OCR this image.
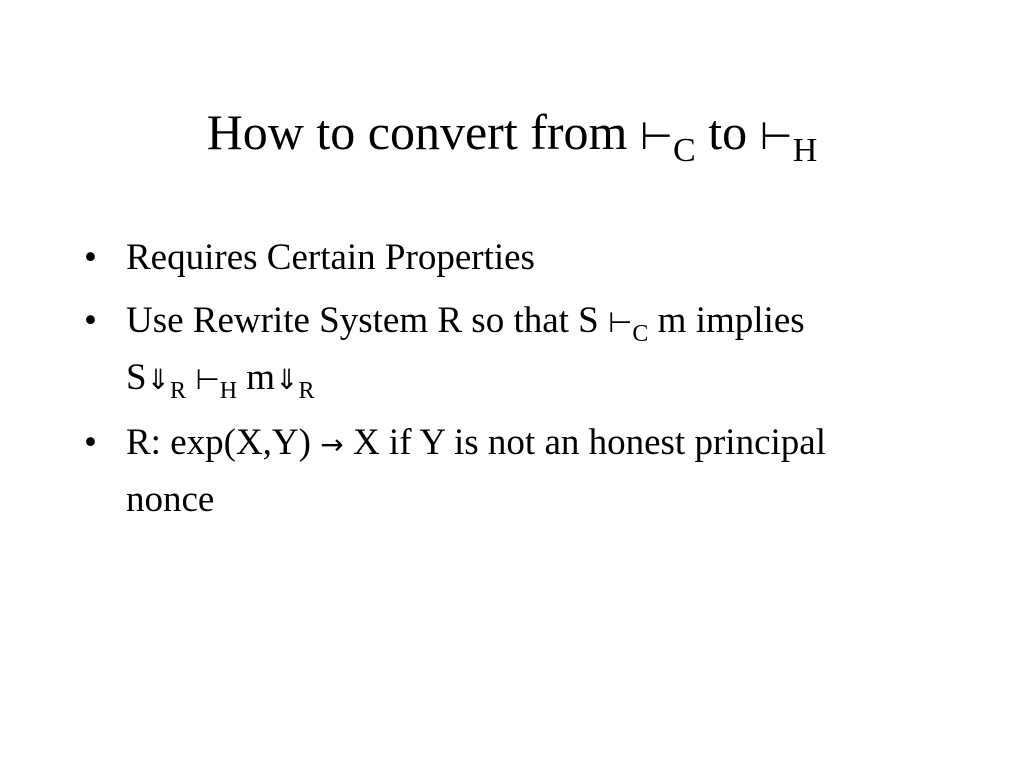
How to convert from $⊢_C$ to $⊢_H$
• Requires Certain Properties
• Use Rewrite System R so that S $⊢_C$ m implies $S⇓_R$ $⊢_H$ $m⇓_R$
• R: exp(X,Y) → X if Y is not an honest principal nonce
